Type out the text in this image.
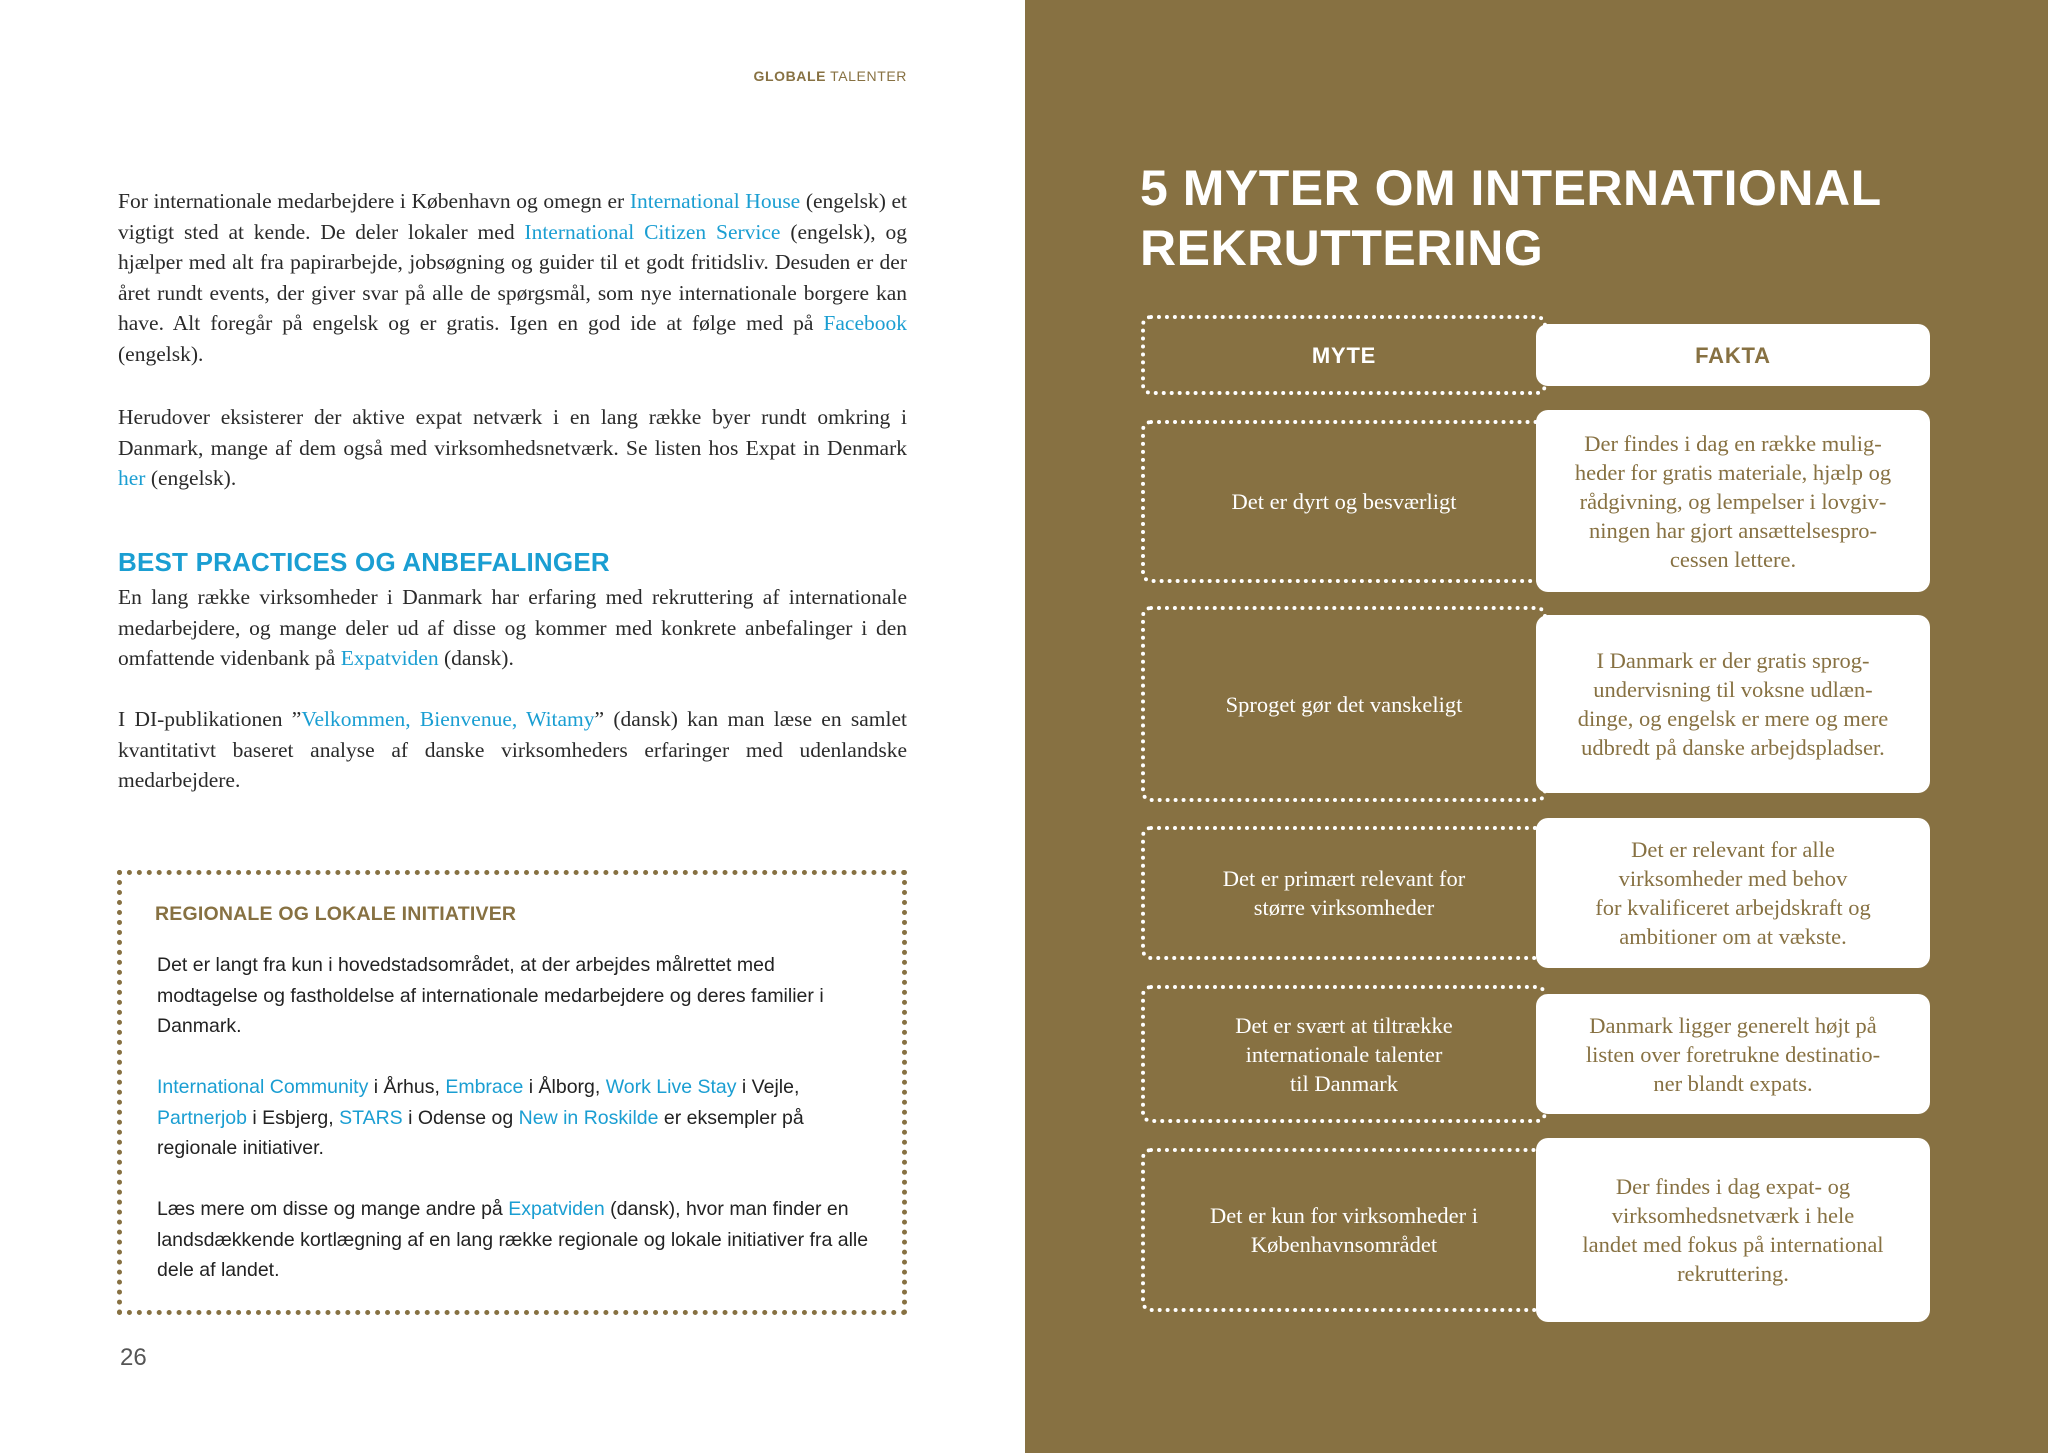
GLOBALE TALENTER

For internationale medarbejdere i København og omegn er International House (engelsk) et vigtigt sted at kende. De deler lokaler med International Citizen Service (engelsk), og hjælper med alt fra papirarbejde, jobsøgning og guider til et godt fritidsliv. Desuden er der året rundt events, der giver svar på alle de spørgsmål, som nye internationale borgere kan have. Alt foregår på engelsk og er gratis. Igen en god ide at følge med på Facebook (engelsk).

Herudover eksisterer der aktive expat netværk i en lang række byer rundt omkring i Danmark, mange af dem også med virksomhedsnetværk. Se listen hos Expat in Denmark her (engelsk).

BEST PRACTICES OG ANBEFALINGER

En lang række virksomheder i Danmark har erfaring med rekruttering af internationale medarbejdere, og mange deler ud af disse og kommer med konkrete anbefalinger i den omfattende videnbank på Expatviden (dansk).

I DI-publikationen ”Velkommen, Bienvenue, Witamy” (dansk) kan man læse en samlet kvantitativt baseret analyse af danske virksomheders erfaringer med udenlandske medarbejdere.

REGIONALE OG LOKALE INITIATIVER

Det er langt fra kun i hovedstadsområdet, at der arbejdes målrettet med modtagelse og fastholdelse af internationale medarbejdere og deres familier i Danmark.

International Community i Århus, Embrace i Ålborg, Work Live Stay i Vejle, Partnerjob i Esbjerg, STARS i Odense og New in Roskilde er eksempler på regionale initiativer.

Læs mere om disse og mange andre på Expatviden (dansk), hvor man finder en landsdækkende kortlægning af en lang række regionale og lokale initiativer fra alle dele af landet.

26

5 MYTER OM INTERNATIONAL
REKRUTTERING
MYTE	FAKTA
Det er dyrt og besværligt
Der findes i dag en række mulig-
heder for gratis materiale, hjælp og
rådgivning, og lempelser i lovgiv-
ningen har gjort ansættelsespro-
cessen lettere.
Sproget gør det vanskeligt
I Danmark er der gratis sprog-
undervisning til voksne udlæn-
dinge, og engelsk er mere og mere
udbredt på danske arbejdspladser.
Det er primært relevant for
større virksomheder
Det er relevant for alle
virksomheder med behov
for kvalificeret arbejdskraft og
ambitioner om at vækste.
Det er svært at tiltrække
internationale talenter
til Danmark
Danmark ligger generelt højt på
listen over foretrukne destinatio-
ner blandt expats.
Det er kun for virksomheder i
Københavnsområdet
Der findes i dag expat- og
virksomhedsnetværk i hele
landet med fokus på international
rekruttering.
